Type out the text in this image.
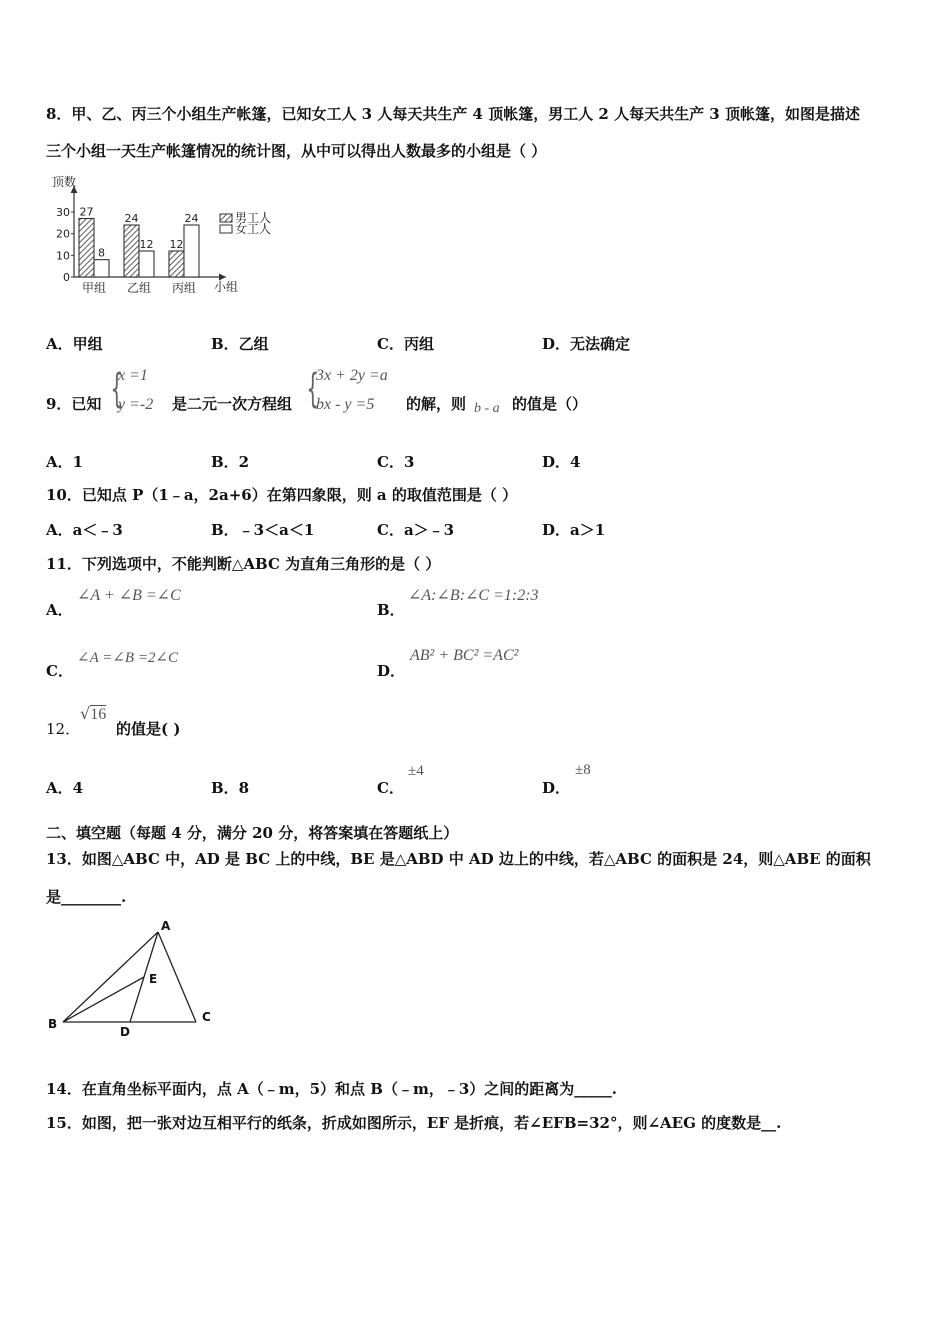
8．甲、乙、丙三个小组生产帐篷，已知女工人 3 人每天共生产 4 顶帐篷，男工人 2 人每天共生产 3 顶帐篷，如图是描述
三个小组一天生产帐篷情况的统计图，从中可以得出人数最多的小组是（ ）
顶数
小组
0
10
20
30 27
8
甲组
24
12
乙组
12
24
丙组
男工人
女工人
A．甲组	B．乙组	C．丙组	D．无法确定
9．已知 {
x =1
y =-2 是二元一次方程组 {
3x + 2y =a
bx - y =5 的解，则 b - a 的值是（）
A．1	B．2	C．3	D．4
10．已知点 P（1﹣a，2a+6）在第四象限，则 a 的取值范围是（ ）
A．a＜﹣3	B．﹣3＜a＜1	C．a＞﹣3	D．a＞1
11．下列选项中，不能判断△ABC 为直角三角形的是（ ）
A．
∠A + ∠B =∠C
B．
∠A:∠B:∠C =1:2:3
C．
∠A =∠B =2∠C
D．
AB² + BC² =AC²
12．
√16
的值是( )
A．4	B．8	C．
±4
D．
±8
二、填空题（每题 4 分，满分 20 分，将答案填在答题纸上）
13．如图△ABC 中，AD 是 BC 上的中线，BE 是△ABD 中 AD 边上的中线，若△ABC 的面积是 24，则△ABE 的面积
是________.
A
B	C
D
E
14．在直角坐标平面内，点 A（﹣m，5）和点 B（﹣m，﹣3）之间的距离为_____.
15．如图，把一张对边互相平行的纸条，折成如图所示，EF 是折痕，若∠EFB=32°，则∠AEG 的度数是__.
